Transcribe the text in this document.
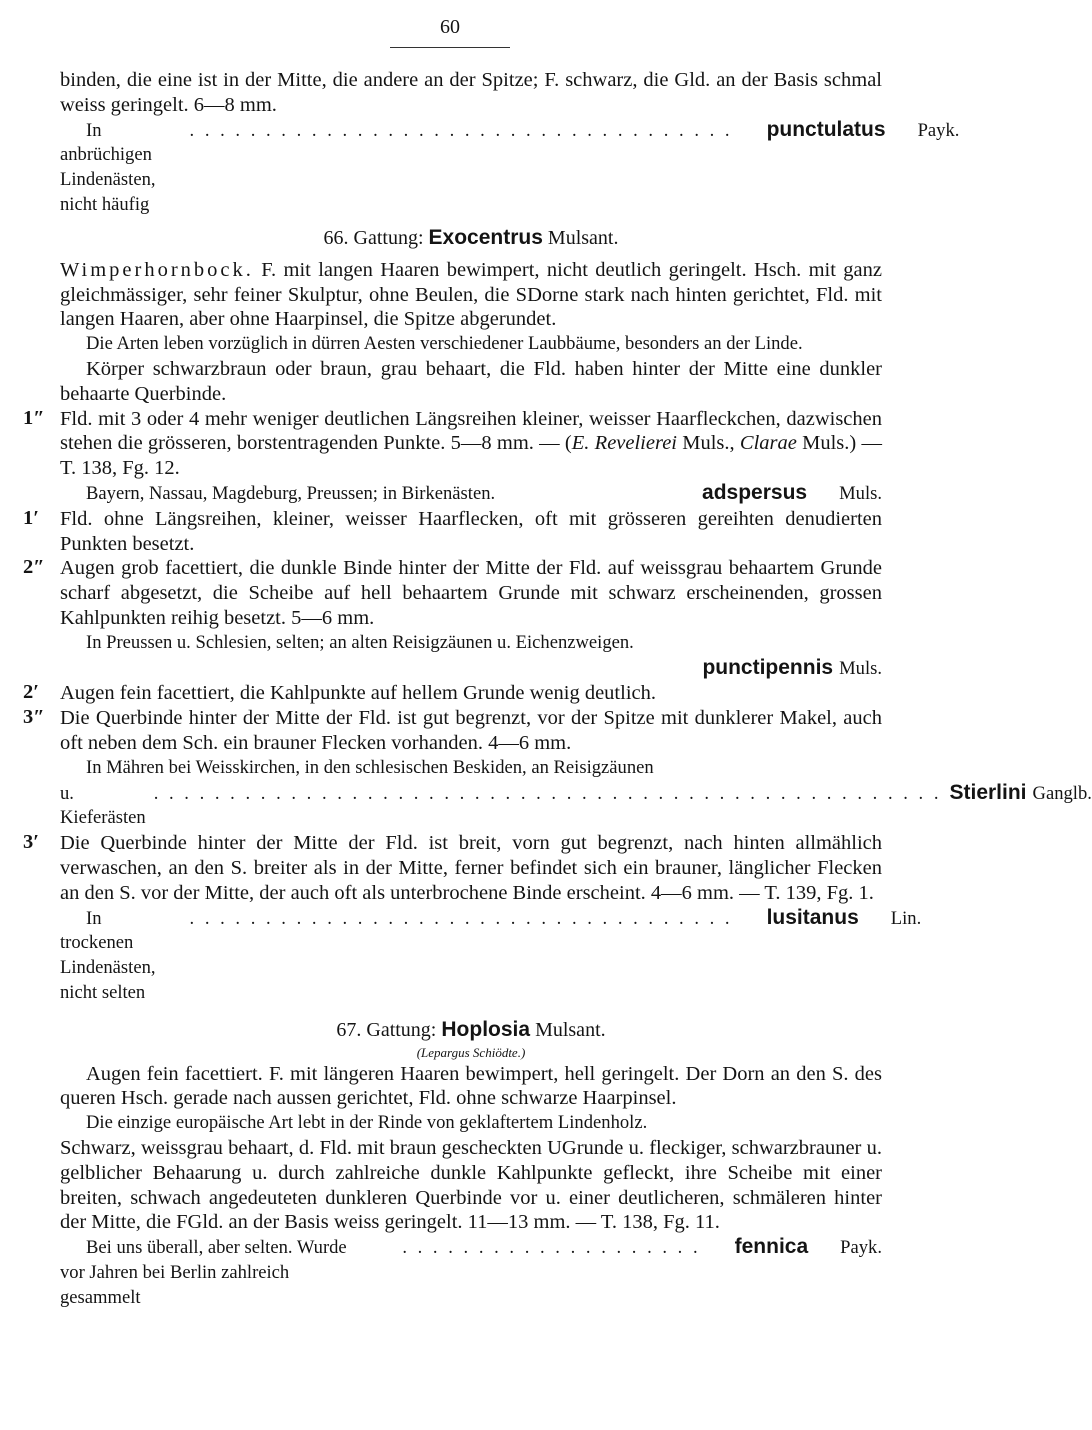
60

binden, die eine ist in der Mitte, die andere an der Spitze; F. schwarz, die Gld. an der Basis schmal weiss geringelt. 6—8 mm.

In anbrüchigen Lindenästen, nicht häufig
. . . . . . . . . . . . . . . . . . . . . . . . . . . . . . . . . . . .	punctulatus	Payk.
66. Gattung: Exocentrus Mulsant.

Wimperhornbock. F. mit langen Haaren bewimpert, nicht deutlich geringelt. Hsch. mit ganz gleichmässiger, sehr feiner Skulptur, ohne Beulen, die SDorne stark nach hinten gerichtet, Fld. mit langen Haaren, aber ohne Haarpinsel, die Spitze abgerundet.

Die Arten leben vorzüglich in dürren Aesten verschiedener Laubbäume, besonders an der Linde.

Körper schwarzbraun oder braun, grau behaart, die Fld. haben hinter der Mitte eine dunkler behaarte Querbinde.

1″ Fld. mit 3 oder 4 mehr weniger deutlichen Längsreihen kleiner, weisser Haarfleckchen, dazwischen stehen die grösseren, borstentragenden Punkte. 5—8 mm. — (E. Revelierei Muls., Clarae Muls.) — T. 138, Fg. 12.

Bayern, Nassau, Magdeburg, Preussen; in Birkenästen.	adspersus	Muls.
1′ Fld. ohne Längsreihen, kleiner, weisser Haarflecken, oft mit grösseren gereihten denudierten Punkten besetzt.

2″ Augen grob facettiert, die dunkle Binde hinter der Mitte der Fld. auf weissgrau behaartem Grunde scharf abgesetzt, die Scheibe auf hell behaartem Grunde mit schwarz erscheinenden, grossen Kahlpunkten reihig besetzt. 5—6 mm.

In Preussen u. Schlesien, selten; an alten Reisigzäunen u. Eichenzweigen.

punctipennis Muls.
2′ Augen fein facettiert, die Kahlpunkte auf hellem Grunde wenig deutlich.

3″ Die Querbinde hinter der Mitte der Fld. ist gut begrenzt, vor der Spitze mit dunklerer Makel, auch oft neben dem Sch. ein brauner Flecken vorhanden. 4—6 mm.

In Mähren bei Weisskirchen, in den schlesischen Beskiden, an Reisigzäunen

u. Kieferästen
. . . . . . . . . . . . . . . . . . . . . . . . . . . . . . . . . . . . . . . . . . . . . . . . . . . . Stierlini Ganglb.
3′ Die Querbinde hinter der Mitte der Fld. ist breit, vorn gut begrenzt, nach hinten allmählich verwaschen, an den S. breiter als in der Mitte, ferner befindet sich ein brauner, länglicher Flecken an den S. vor der Mitte, der auch oft als unterbrochene Binde erscheint. 4—6 mm. — T. 139, Fg. 1.

In trockenen Lindenästen, nicht selten
. . . . . . . . . . . . . . . . . . . . . . . . . . . . . . . . . . . .	lusitanus	Lin.
67. Gattung: Hoplosia Mulsant.
(Lepargus Schiödte.)

Augen fein facettiert. F. mit längeren Haaren bewimpert, hell geringelt. Der Dorn an den S. des queren Hsch. gerade nach aussen gerichtet, Fld. ohne schwarze Haarpinsel.

Die einzige europäische Art lebt in der Rinde von geklaftertem Lindenholz.

Schwarz, weissgrau behaart, d. Fld. mit braun gescheckten UGrunde u. fleckiger, schwarzbrauner u. gelblicher Behaarung u. durch zahlreiche dunkle Kahlpunkte gefleckt, ihre Scheibe mit einer breiten, schwach angedeuteten dunkleren Querbinde vor u. einer deutlicheren, schmäleren hinter der Mitte, die FGld. an der Basis weiss geringelt. 11—13 mm. — T. 138, Fg. 11.

Bei uns überall, aber selten. Wurde vor Jahren bei Berlin zahlreich gesammelt
. . . . . . . . . . . . . . . . . . . .	fennica	Payk.
